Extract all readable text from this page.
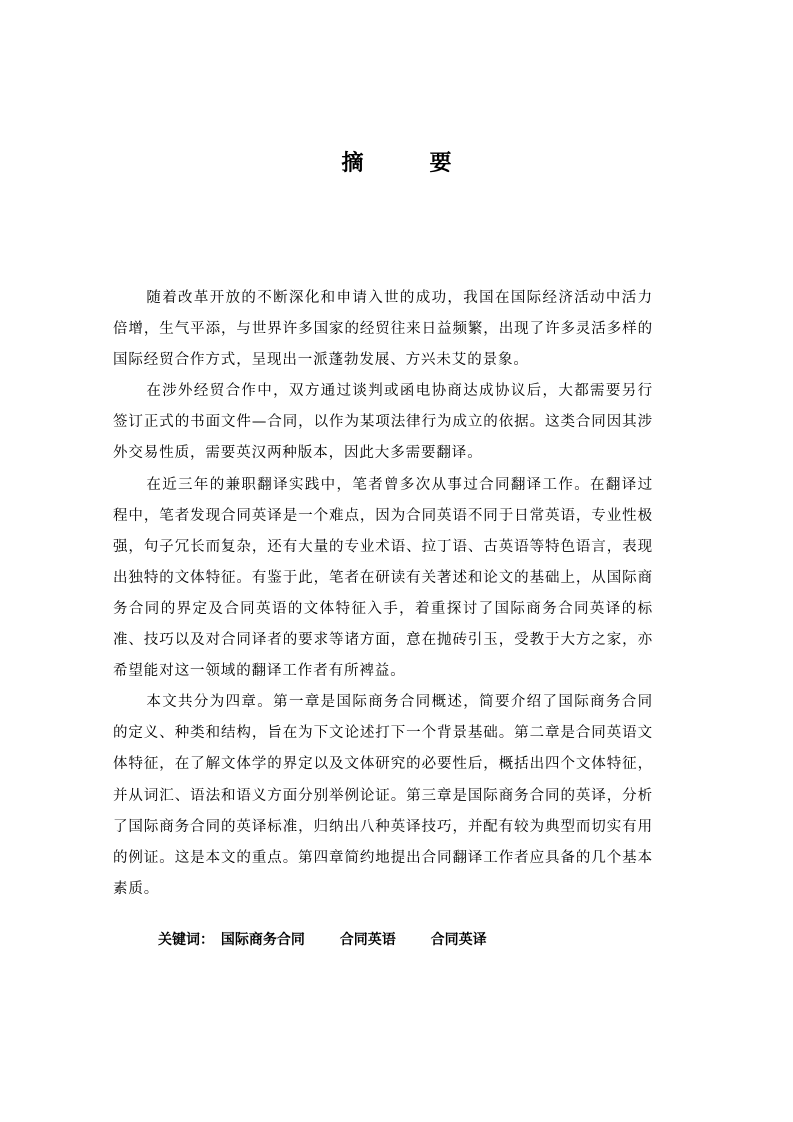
摘　要

随着改革开放的不断深化和申请入世的成功，我国在国际经济活动中活力倍增，生气平添，与世界许多国家的经贸往来日益频繁，出现了许多灵活多样的国际经贸合作方式，呈现出一派蓬勃发展、方兴未艾的景象。

在涉外经贸合作中，双方通过谈判或函电协商达成协议后，大都需要另行签订正式的书面文件—合同，以作为某项法律行为成立的依据。这类合同因其涉外交易性质，需要英汉两种版本，因此大多需要翻译。

在近三年的兼职翻译实践中，笔者曾多次从事过合同翻译工作。在翻译过程中，笔者发现合同英译是一个难点，因为合同英语不同于日常英语，专业性极强，句子冗长而复杂，还有大量的专业术语、拉丁语、古英语等特色语言，表现出独特的文体特征。有鉴于此，笔者在研读有关著述和论文的基础上，从国际商务合同的界定及合同英语的文体特征入手，着重探讨了国际商务合同英译的标准、技巧以及对合同译者的要求等诸方面，意在抛砖引玉，受教于大方之家，亦希望能对这一领域的翻译工作者有所裨益。

本文共分为四章。第一章是国际商务合同概述，简要介绍了国际商务合同的定义、种类和结构，旨在为下文论述打下一个背景基础。第二章是合同英语文体特征，在了解文体学的界定以及文体研究的必要性后，概括出四个文体特征，并从词汇、语法和语义方面分别举例论证。第三章是国际商务合同的英译，分析了国际商务合同的英译标准，归纳出八种英译技巧，并配有较为典型而切实有用的例证。这是本文的重点。第四章简约地提出合同翻译工作者应具备的几个基本素质。

关键词： 国际商务合同 合同英语 合同英译
